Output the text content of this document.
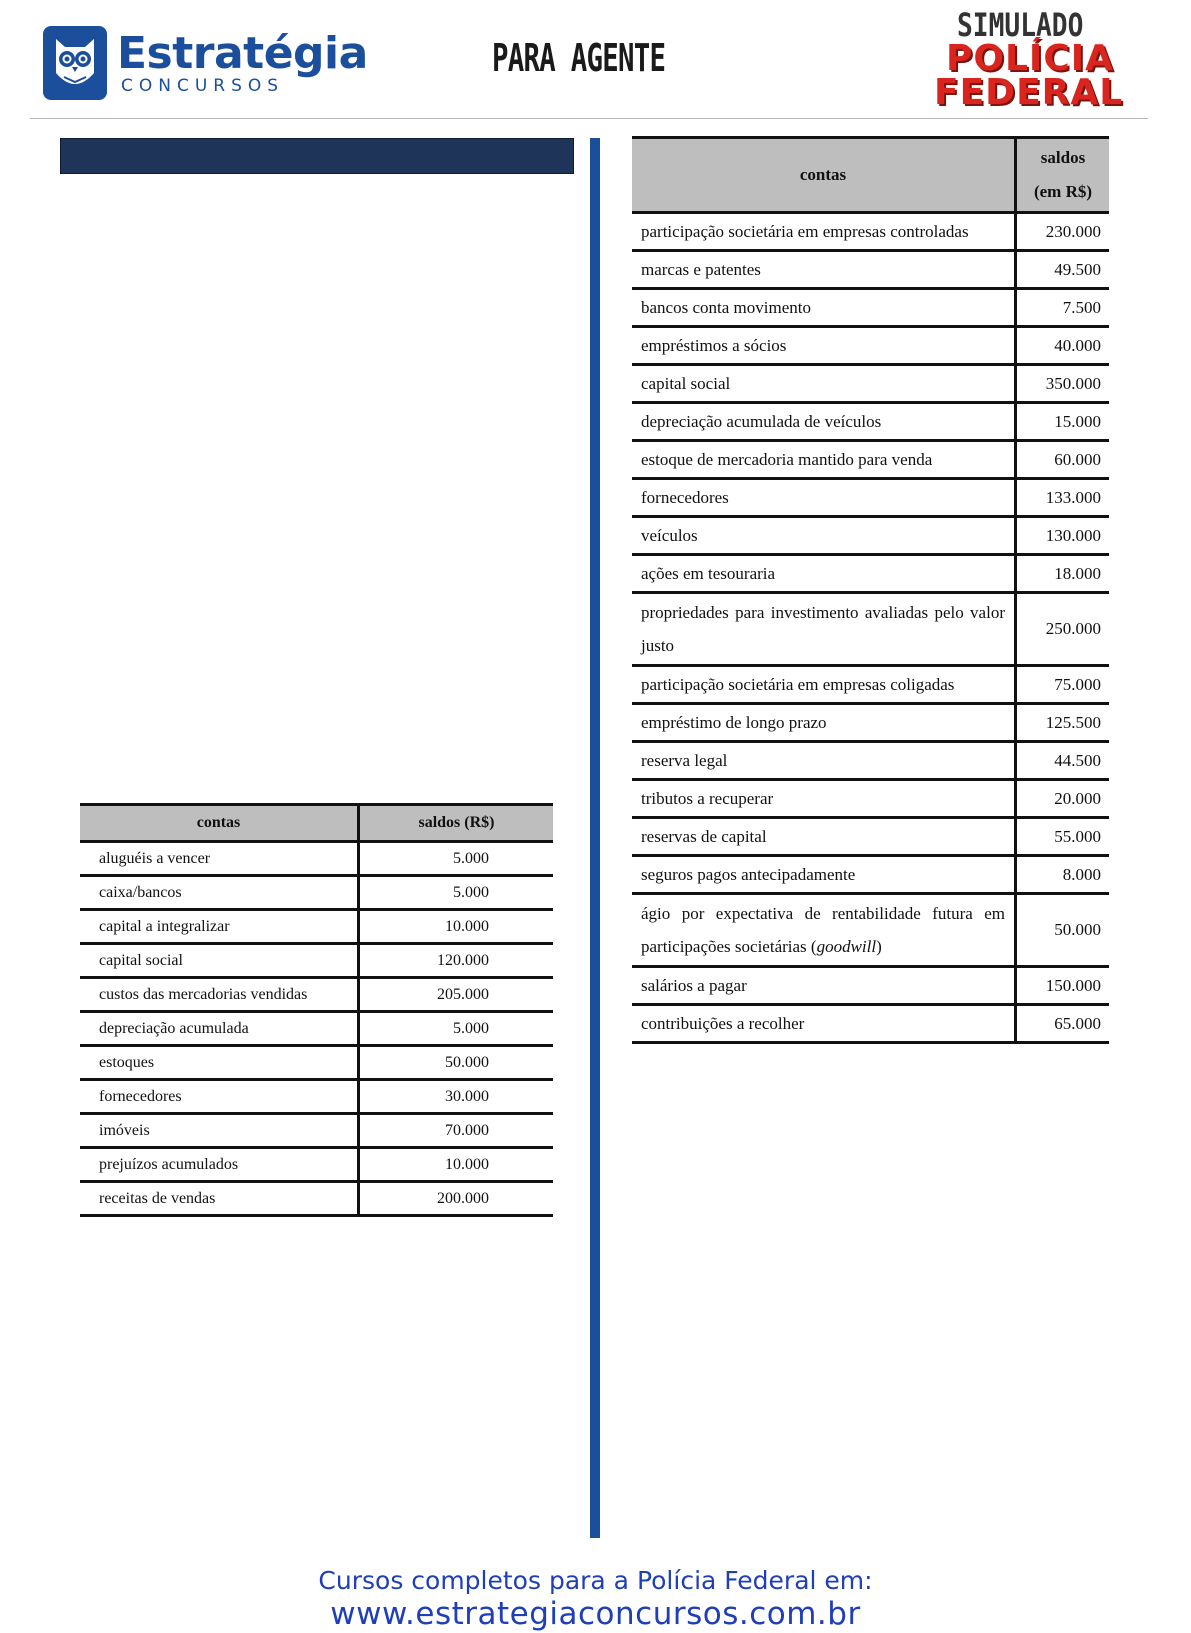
Estratégia
CONCURSOS
PARA AGENTE
SIMULADO
POLÍCIA
FEDERAL
contas	saldos (R$)
aluguéis a vencer	5.000
caixa/bancos	5.000
capital a integralizar	10.000
capital social	120.000
custos das mercadorias vendidas	205.000
depreciação acumulada	5.000
estoques	50.000
fornecedores	30.000
imóveis	70.000
prejuízos acumulados	10.000
receitas de vendas	200.000
contas	saldos
(em R$)

participação societária em empresas controladas	230.000
marcas e patentes	49.500
bancos conta movimento	7.500
empréstimos a sócios	40.000
capital social	350.000
depreciação acumulada de veículos	15.000
estoque de mercadoria mantido para venda	60.000
fornecedores	133.000
veículos	130.000
ações em tesouraria	18.000
propriedades para investimento avaliadas pelo valor justo	250.000
participação societária em empresas coligadas	75.000
empréstimo de longo prazo	125.500
reserva legal	44.500
tributos a recuperar	20.000
reservas de capital	55.000
seguros pagos antecipadamente	8.000
ágio por expectativa de rentabilidade futura em participações societárias (goodwill)	50.000
salários a pagar	150.000
contribuições a recolher	65.000
Cursos completos para a Polícia Federal em:
www.estrategiaconcursos.com.br
